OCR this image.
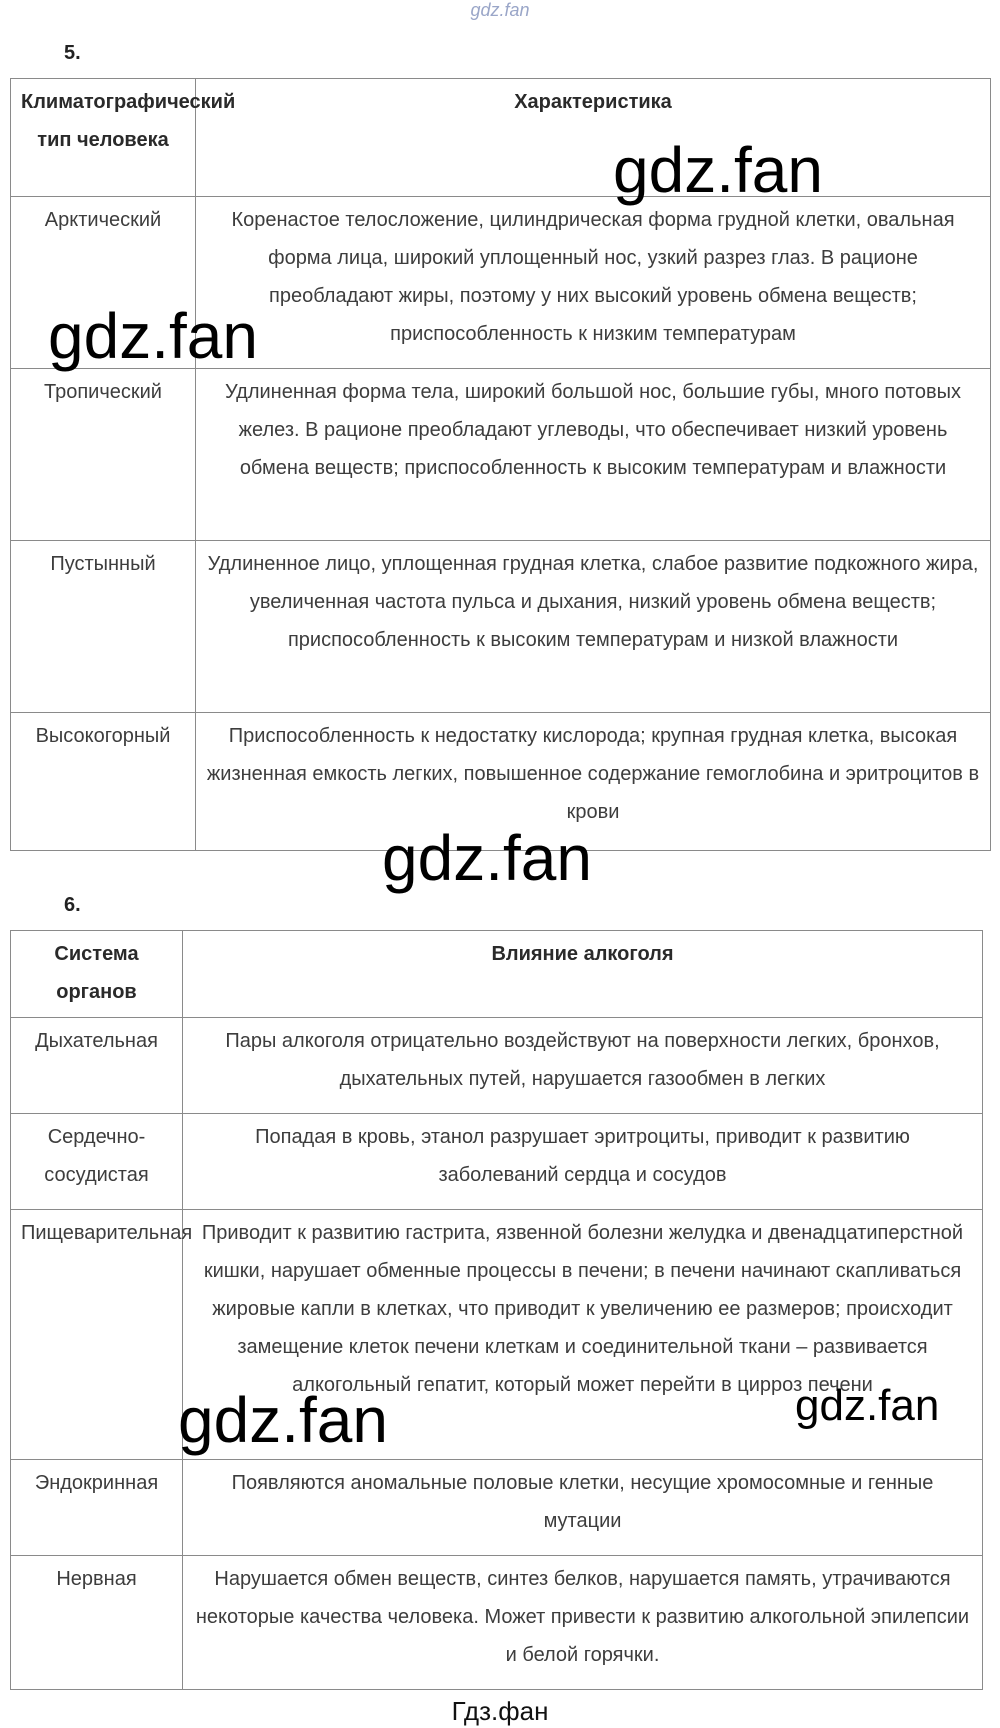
gdz.fan
5.
Климатографический тип человека	Характеристика
Арктический	Коренастое телосложение, цилиндрическая форма грудной клетки, овальная форма лица, широкий уплощенный нос, узкий разрез глаз. В рационе преобладают жиры, поэтому у них высокий уровень обмена веществ; приспособленность к низким температурам
Тропический	Удлиненная форма тела, широкий большой нос, большие губы, много потовых желез. В рационе преобладают углеводы, что обеспечивает низкий уровень обмена веществ; приспособленность к высоким температурам и влажности
Пустынный	Удлиненное лицо, уплощенная грудная клетка, слабое развитие подкожного жира, увеличенная частота пульса и дыхания, низкий уровень обмена веществ; приспособленность к высоким температурам и низкой влажности
Высокогорный	Приспособленность к недостатку кислорода; крупная грудная клетка, высокая жизненная емкость легких, повышенное содержание гемоглобина и эритроцитов в крови
6.
Система органов	Влияние алкоголя
Дыхательная	Пары алкоголя отрицательно воздействуют на поверхности легких, бронхов, дыхательных путей, нарушается газообмен в легких
Сердечно-сосудистая	Попадая в кровь, этанол разрушает эритроциты, приводит к развитию заболеваний сердца и сосудов
Пищеварительная	Приводит к развитию гастрита, язвенной болезни желудка и двенадцатиперстной кишки, нарушает обменные процессы в печени; в печени начинают скапливаться жировые капли в клетках, что приводит к увеличению ее размеров; происходит замещение клеток печени клеткам и соединительной ткани – развивается алкогольный гепатит, который может перейти в цирроз печени
Эндокринная	Появляются аномальные половые клетки, несущие хромосомные и генные мутации
Нервная	Нарушается обмен веществ, синтез белков, нарушается память, утрачиваются некоторые качества человека. Может привести к развитию алкогольной эпилепсии и белой горячки.
gdz.fan
gdz.fan
gdz.fan
gdz.fan	gdz.fan
Гдз.фан
